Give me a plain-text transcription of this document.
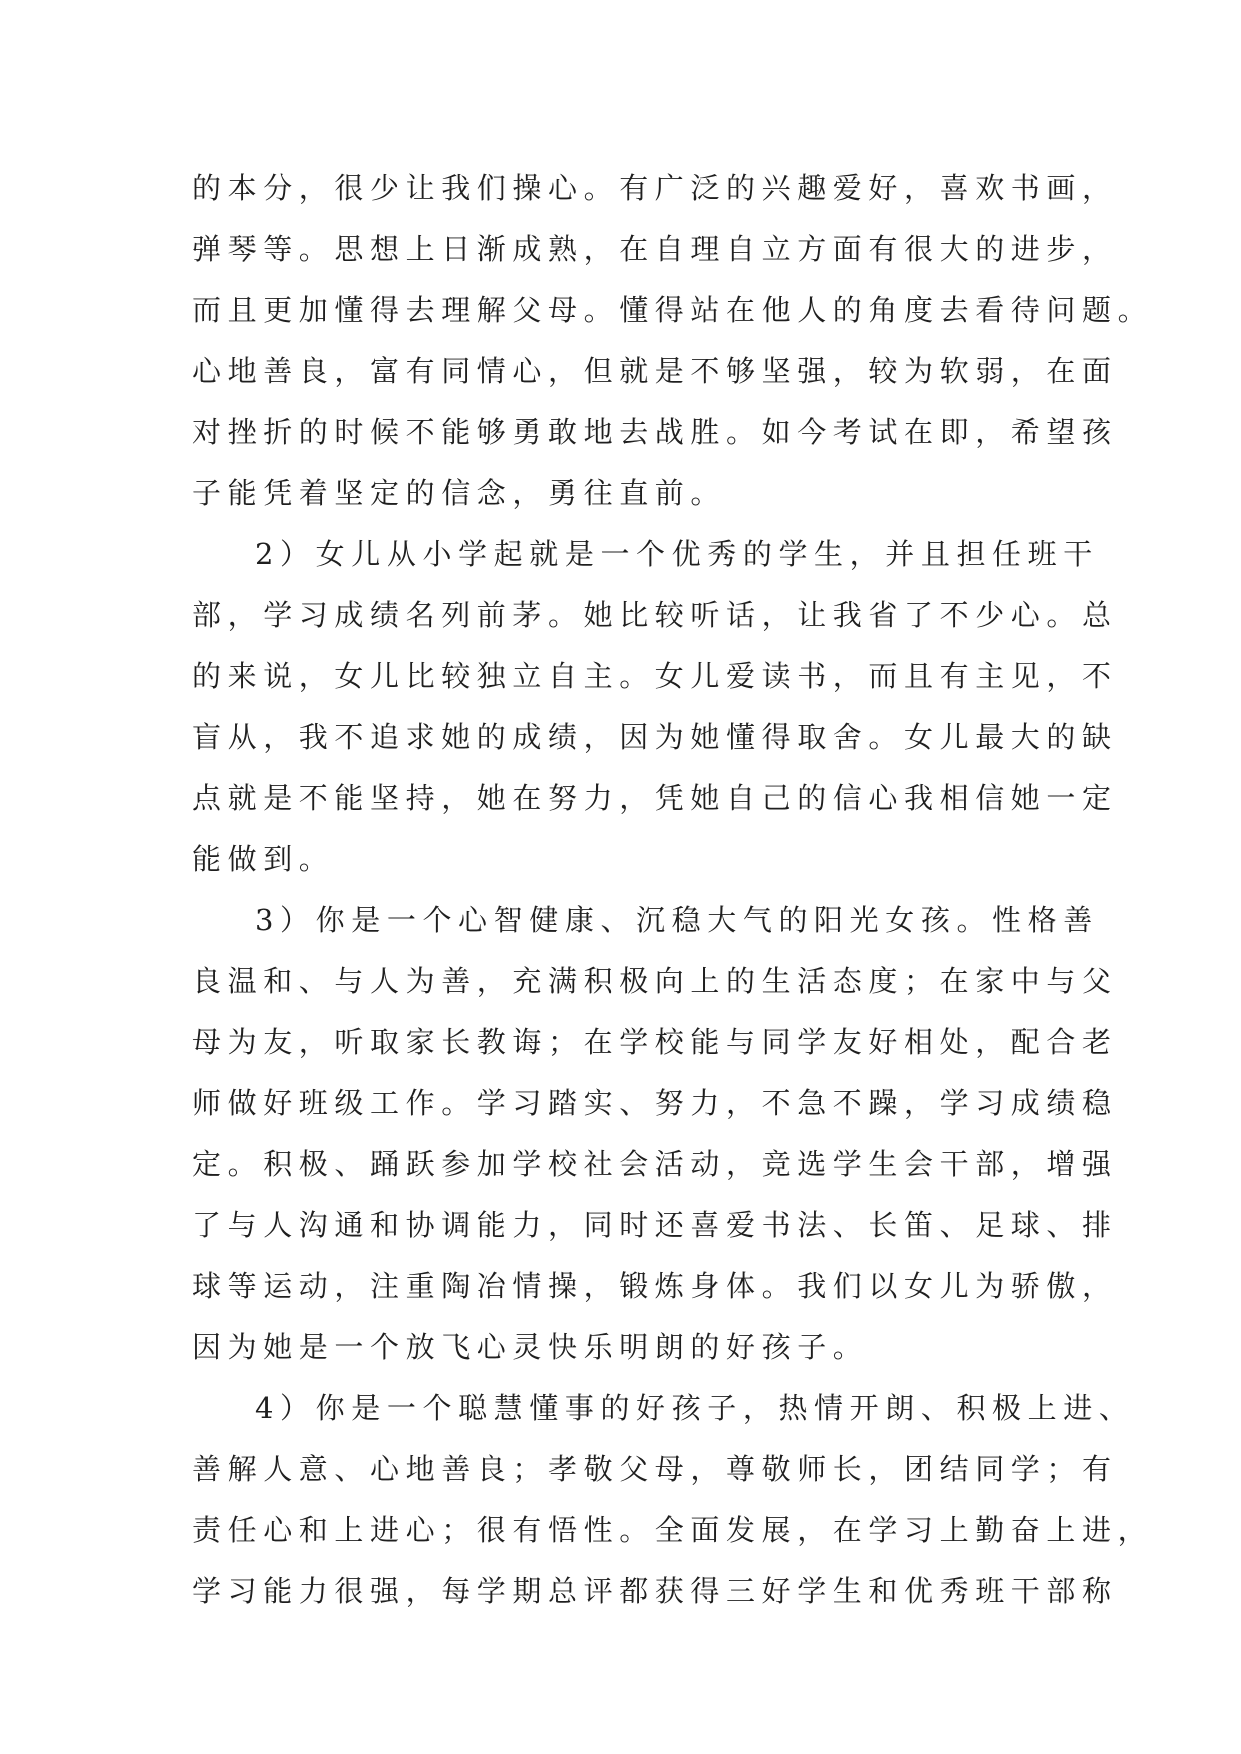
的本分，很少让我们操心。有广泛的兴趣爱好，喜欢书画，
弹琴等。思想上日渐成熟，在自理自立方面有很大的进步，
而且更加懂得去理解父母。懂得站在他人的角度去看待问题。
心地善良，富有同情心，但就是不够坚强，较为软弱，在面
对挫折的时候不能够勇敢地去战胜。如今考试在即，希望孩
子能凭着坚定的信念，勇往直前。
2）女儿从小学起就是一个优秀的学生，并且担任班干
部，学习成绩名列前茅。她比较听话，让我省了不少心。总
的来说，女儿比较独立自主。女儿爱读书，而且有主见，不
盲从，我不追求她的成绩，因为她懂得取舍。女儿最大的缺
点就是不能坚持，她在努力，凭她自己的信心我相信她一定
能做到。
3）你是一个心智健康、沉稳大气的阳光女孩。性格善
良温和、与人为善，充满积极向上的生活态度；在家中与父
母为友，听取家长教诲；在学校能与同学友好相处，配合老
师做好班级工作。学习踏实、努力，不急不躁，学习成绩稳
定。积极、踊跃参加学校社会活动，竞选学生会干部，增强
了与人沟通和协调能力，同时还喜爱书法、长笛、足球、排
球等运动，注重陶冶情操，锻炼身体。我们以女儿为骄傲，
因为她是一个放飞心灵快乐明朗的好孩子。
4）你是一个聪慧懂事的好孩子，热情开朗、积极上进、
善解人意、心地善良；孝敬父母，尊敬师长，团结同学；有
责任心和上进心；很有悟性。全面发展，在学习上勤奋上进，
学习能力很强，每学期总评都获得三好学生和优秀班干部称
